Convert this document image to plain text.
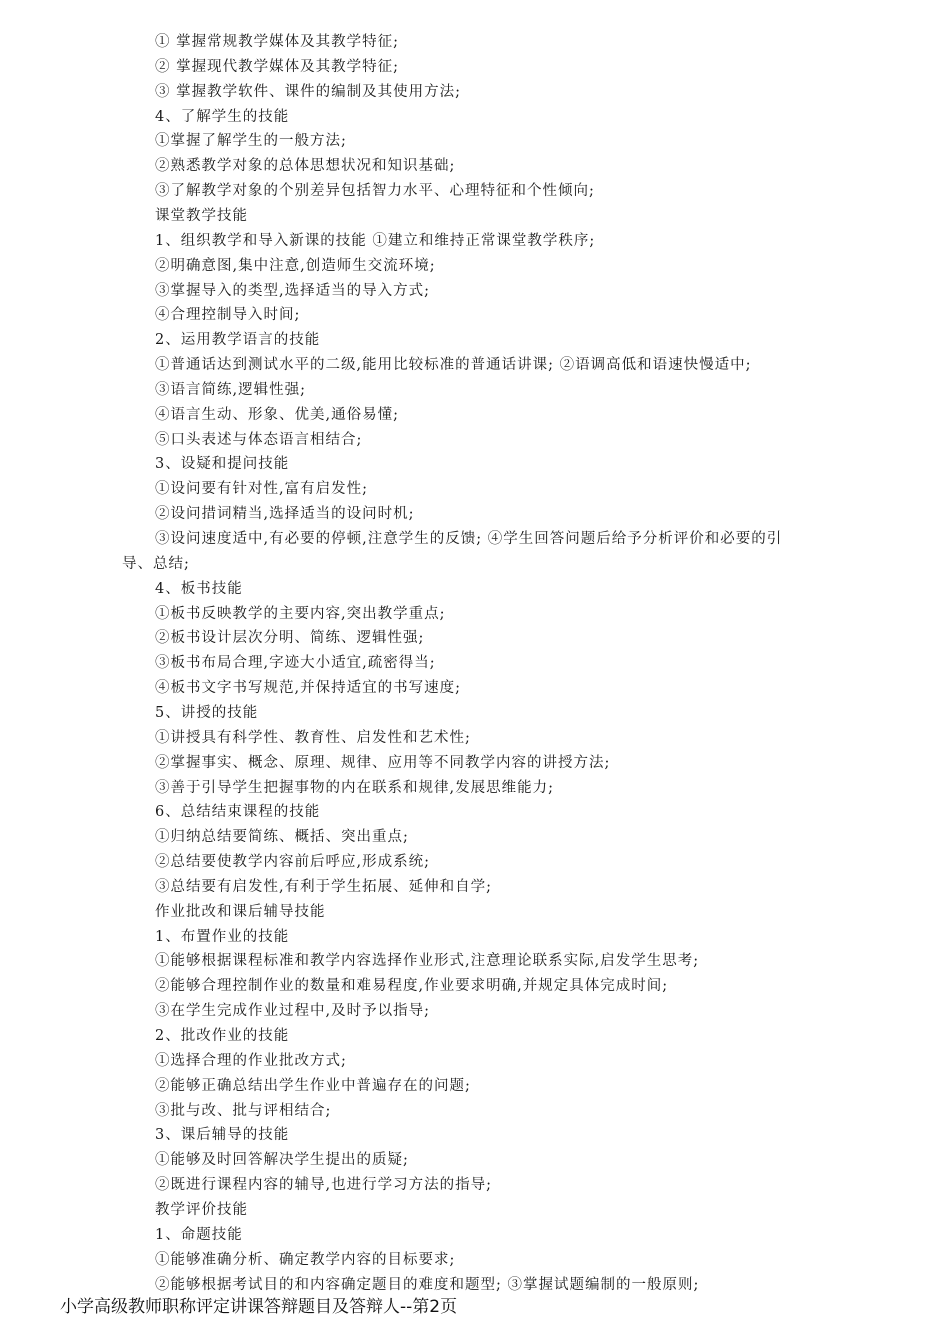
① 掌握常规教学媒体及其教学特征;
② 掌握现代教学媒体及其教学特征;
③ 掌握教学软件、课件的编制及其使用方法;
4、了解学生的技能
①掌握了解学生的一般方法;
②熟悉教学对象的总体思想状况和知识基础;
③了解教学对象的个别差异包括智力水平、心理特征和个性倾向;
课堂教学技能
1、组织教学和导入新课的技能 ①建立和维持正常课堂教学秩序;
②明确意图,集中注意,创造师生交流环境;
③掌握导入的类型,选择适当的导入方式;
④合理控制导入时间;
2、运用教学语言的技能
①普通话达到测试水平的二级,能用比较标准的普通话讲课; ②语调高低和语速快慢适中;
③语言简练,逻辑性强;
④语言生动、形象、优美,通俗易懂;
⑤口头表述与体态语言相结合;
3、设疑和提问技能
①设问要有针对性,富有启发性;
②设问措词精当,选择适当的设问时机;
③设问速度适中,有必要的停顿,注意学生的反馈; ④学生回答问题后给予分析评价和必要的引
导、总结;
4、板书技能
①板书反映教学的主要内容,突出教学重点;
②板书设计层次分明、简练、逻辑性强;
③板书布局合理,字迹大小适宜,疏密得当;
④板书文字书写规范,并保持适宜的书写速度;
5、讲授的技能
①讲授具有科学性、教育性、启发性和艺术性;
②掌握事实、概念、原理、规律、应用等不同教学内容的讲授方法;
③善于引导学生把握事物的内在联系和规律,发展思维能力;
6、总结结束课程的技能
①归纳总结要简练、概括、突出重点;
②总结要使教学内容前后呼应,形成系统;
③总结要有启发性,有利于学生拓展、延伸和自学;
作业批改和课后辅导技能
1、布置作业的技能
①能够根据课程标准和教学内容选择作业形式,注意理论联系实际,启发学生思考;
②能够合理控制作业的数量和难易程度,作业要求明确,并规定具体完成时间;
③在学生完成作业过程中,及时予以指导;
2、批改作业的技能
①选择合理的作业批改方式;
②能够正确总结出学生作业中普遍存在的问题;
③批与改、批与评相结合;
3、课后辅导的技能
①能够及时回答解决学生提出的质疑;
②既进行课程内容的辅导,也进行学习方法的指导;
教学评价技能
1、命题技能
①能够准确分析、确定教学内容的目标要求;
②能够根据考试目的和内容确定题目的难度和题型; ③掌握试题编制的一般原则;
小学高级教师职称评定讲课答辩题目及答辩人--第2页
